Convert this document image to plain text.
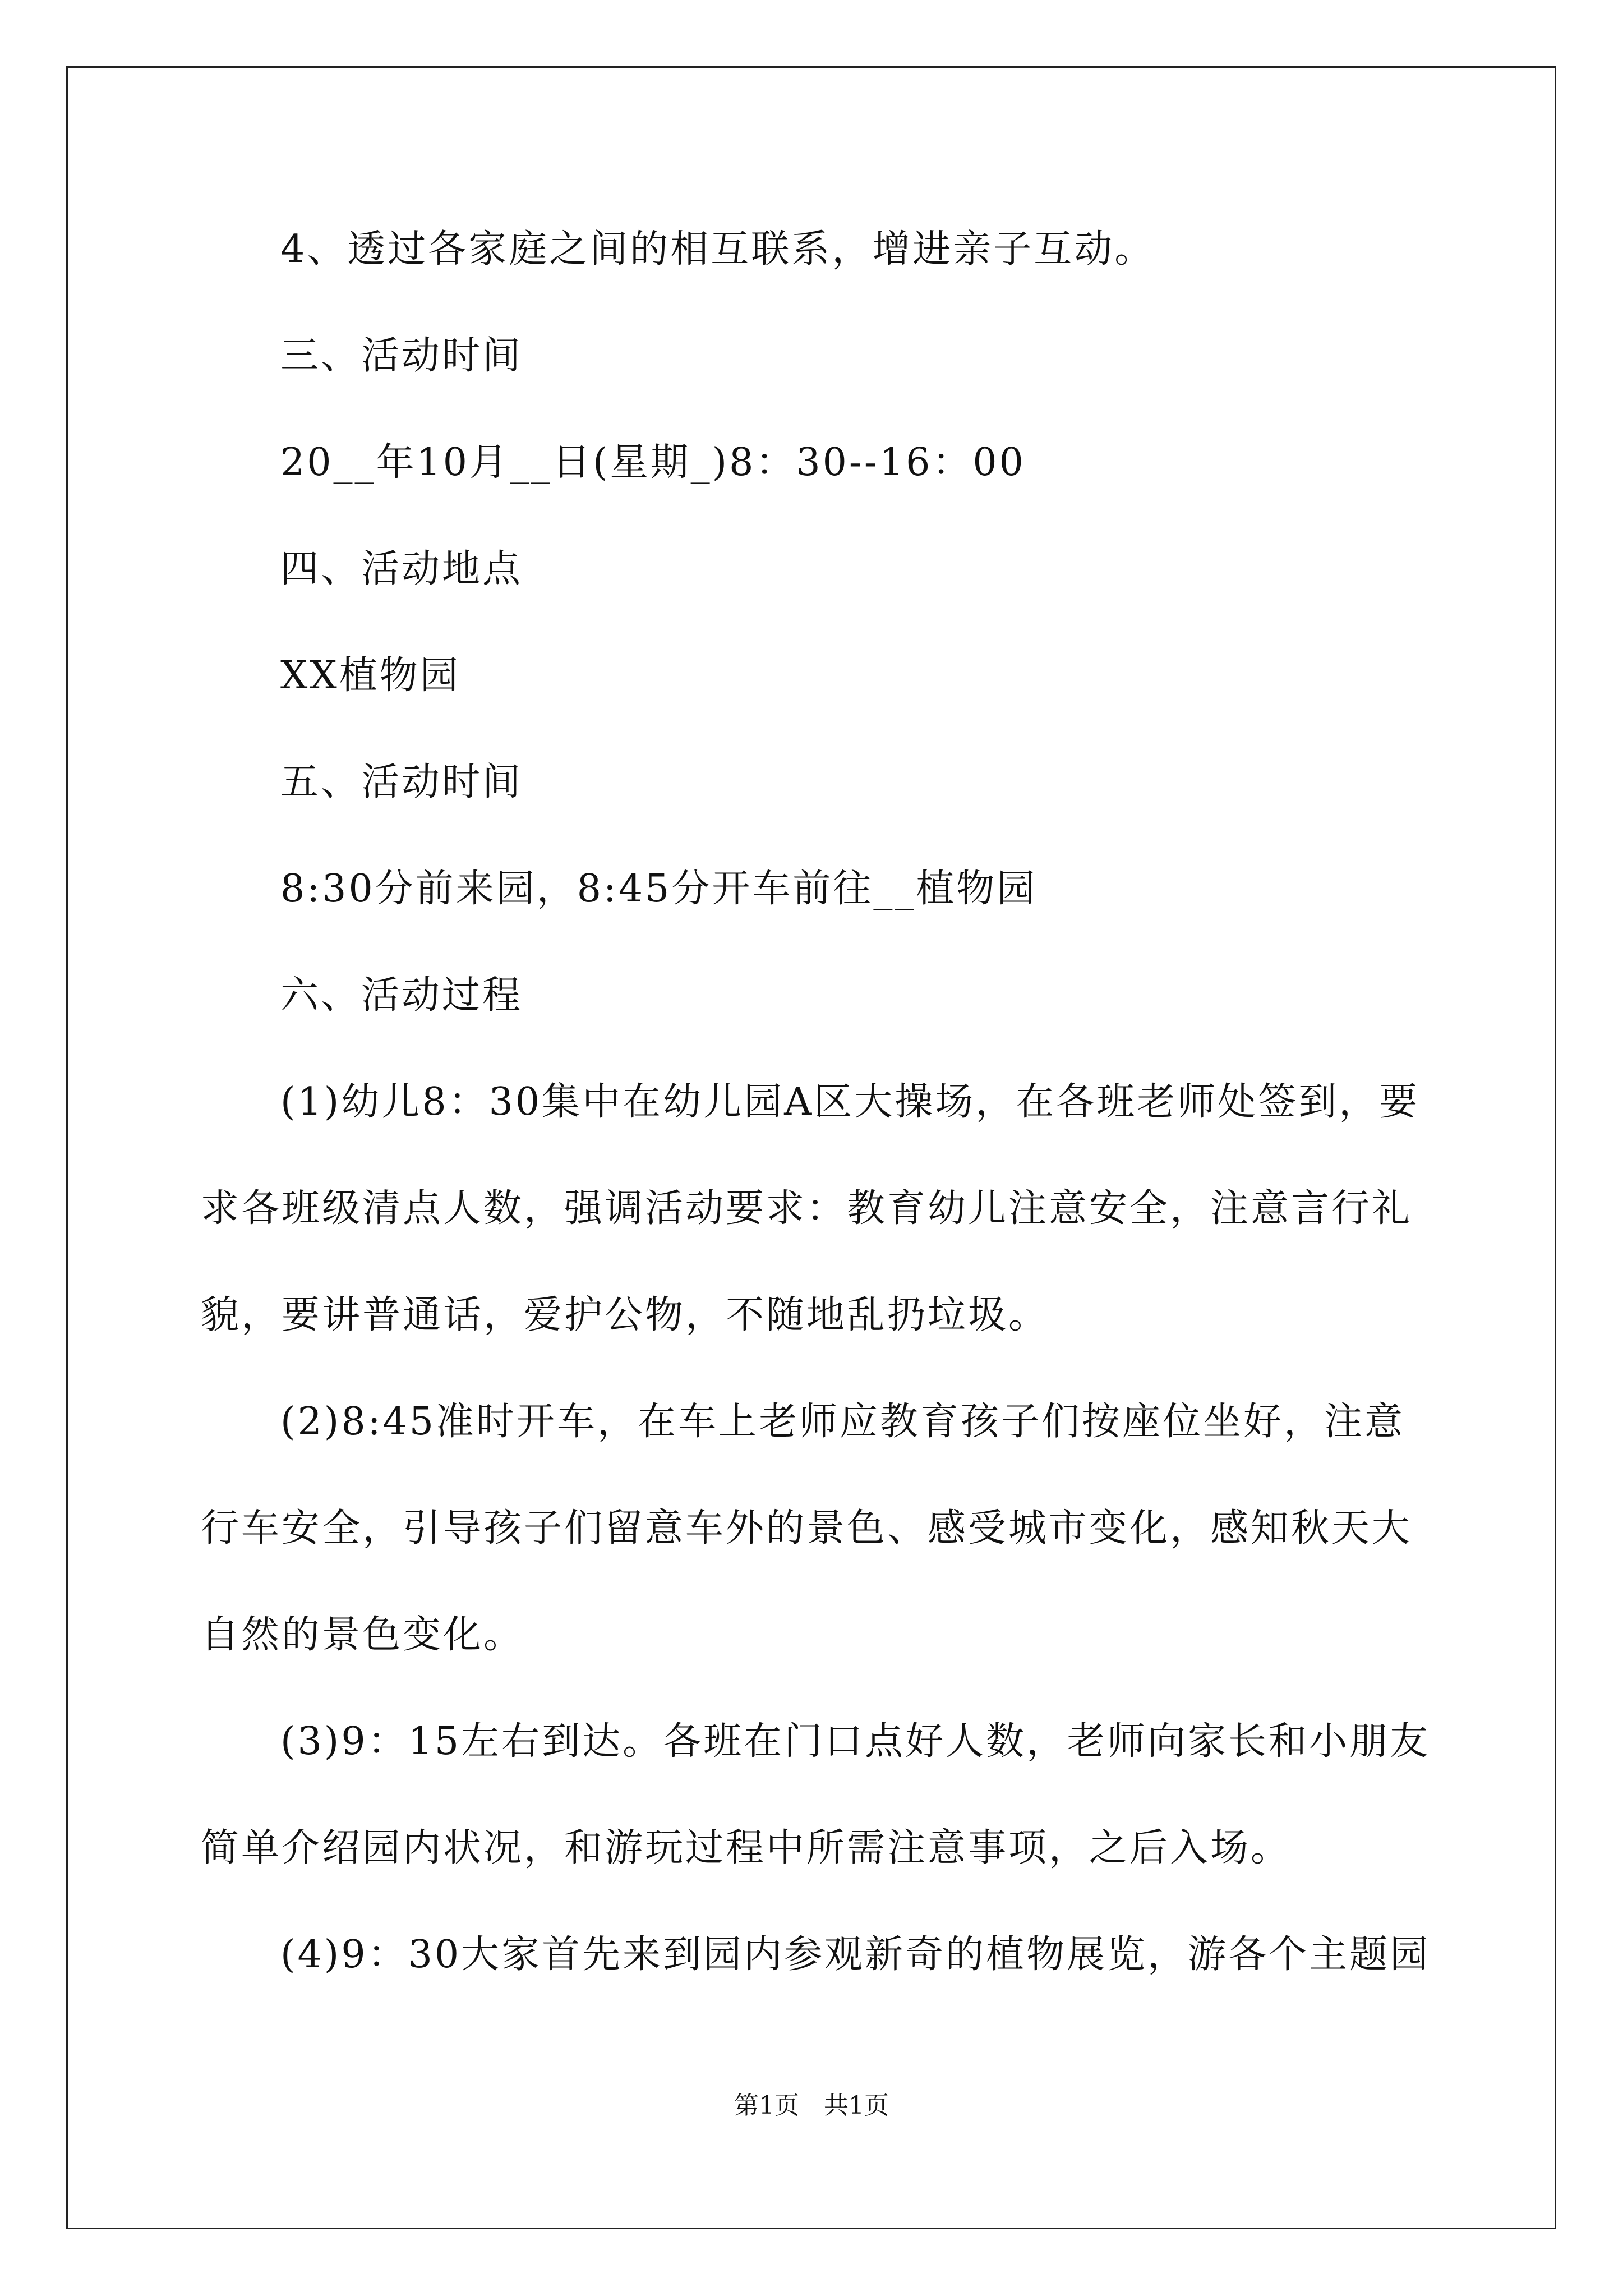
4、透过各家庭之间的相互联系，增进亲子互动。
三、活动时间
20__年10月__日(星期_)8：30--16：00
四、活动地点
XX植物园
五、活动时间
8:30分前来园，8:45分开车前往__植物园
六、活动过程
(1)幼儿8：30集中在幼儿园A区大操场，在各班老师处签到，要
求各班级清点人数，强调活动要求：教育幼儿注意安全，注意言行礼
貌，要讲普通话，爱护公物，不随地乱扔垃圾。
(2)8:45准时开车，在车上老师应教育孩子们按座位坐好，注意
行车安全，引导孩子们留意车外的景色、感受城市变化，感知秋天大
自然的景色变化。
(3)9：15左右到达。各班在门口点好人数，老师向家长和小朋友
简单介绍园内状况，和游玩过程中所需注意事项，之后入场。
(4)9：30大家首先来到园内参观新奇的植物展览，游各个主题园
第1页　共1页
